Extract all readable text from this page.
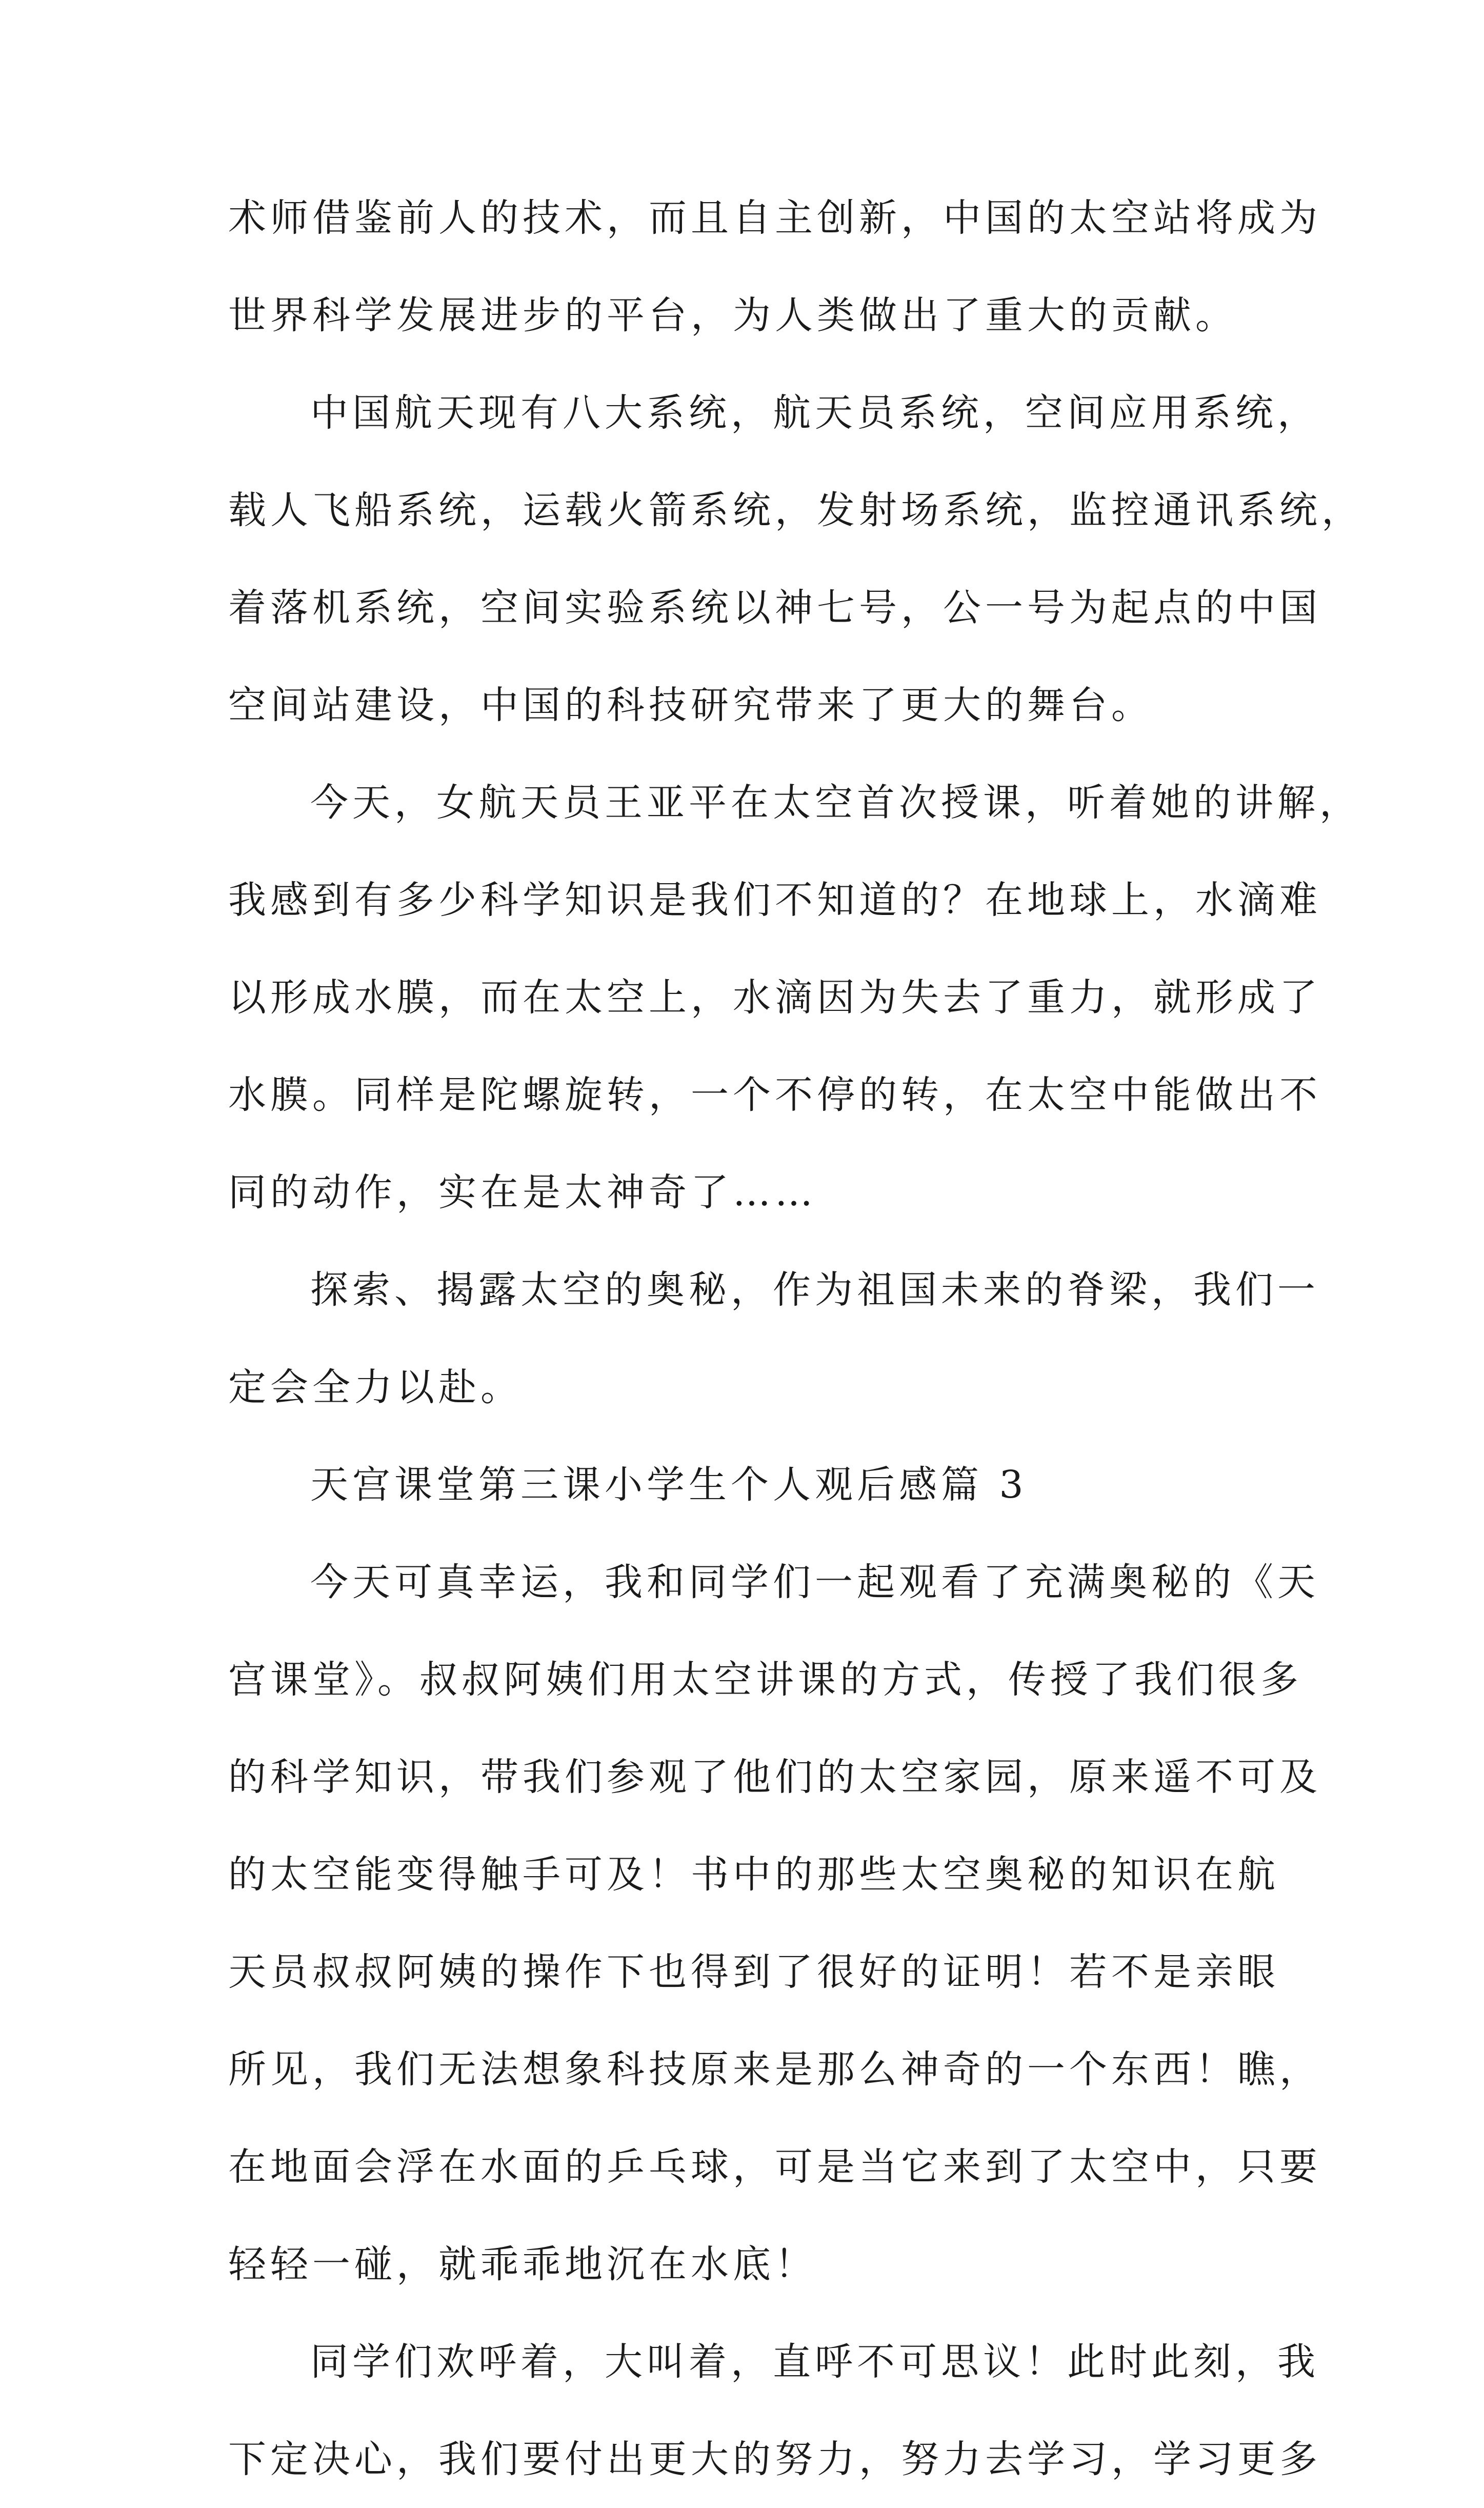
术师借鉴前人的技术，而且自主创新，中国的太空站将成为
世界科学发展进步的平台，为人类做出了重大的贡献。
中国航天现有八大系统，航天员系统，空间应用系统，
载人飞船系统，运载火箭系统，发射场系统，监控通讯系统，
着落机系统，空间实验系统以神七号，公一号为起点的中国
空间站建设，中国的科技研究带来了更大的舞台。
今天，女航天员王亚平在太空首次授课，听着她的讲解，
我感到有多少科学知识是我们不知道的？在地球上，水滴难
以形成水膜，而在太空上，水滴因为失去了重力，就形成了
水膜。同样是陀螺旋转，一个不停的转，在太空中能做出不
同的动作，实在是太神奇了……
探索、揭露太空的奥秘，作为祖国未来的脊梁，我们一
定会全力以赴。
天宫课堂第三课小学生个人观后感篇 3
今天可真幸运，我和同学们一起观看了充满奥秘的《天
宫课堂》。叔叔阿姨们用太空讲课的方式，传授了我们很多
的科学知识，带我们参观了他们的太空家园，原来遥不可及
的太空能变得触手可及！书中的那些太空奥秘的知识在航
天员叔叔阿姨的操作下也得到了很好的证明！若不是亲眼
所见，我们无法想象科技原来是那么神奇的一个东西！瞧，
在地面会浮在水面的乒乓球，可是当它来到了太空中，只要
轻轻一碰，就乖乖地沉在水底！
同学们欢呼着，大叫着，直呼不可思议！此时此刻，我
下定决心，我们要付出更大的努力，努力去学习，学习更多
